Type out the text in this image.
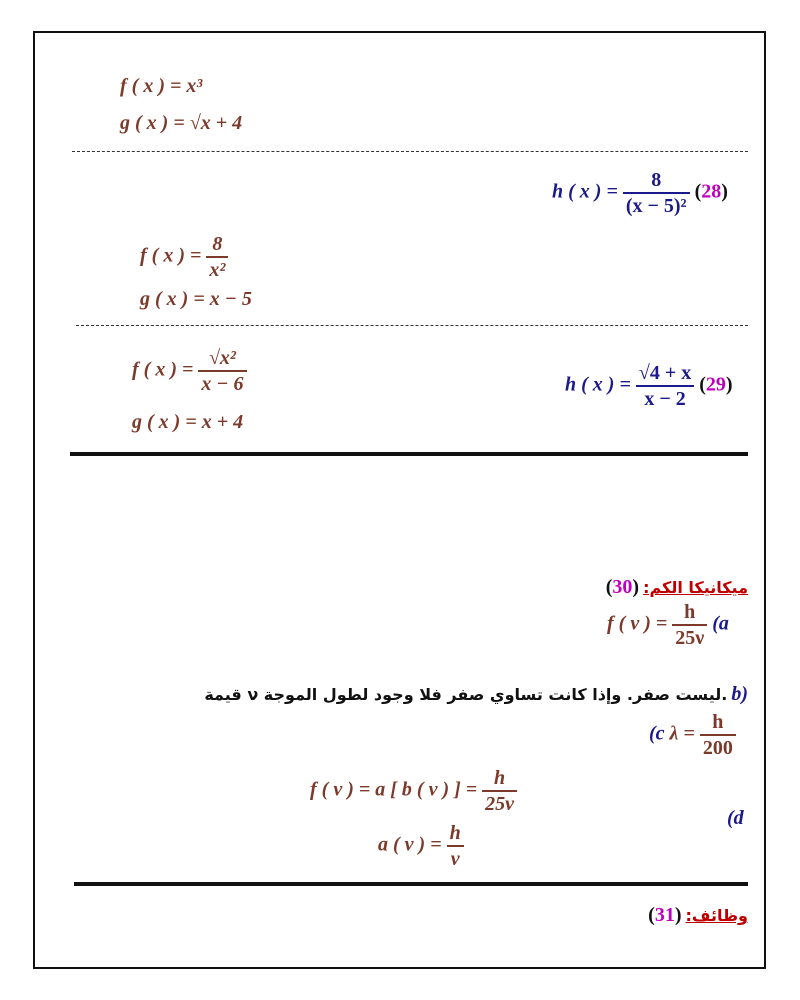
f ( x ) = x³
g ( x ) = √x + 4
h ( x ) = $\frac{8}{\text{(x − 5)²}} (28)$
f ( x ) = $\frac{8}{\text{x²}}$
g ( x ) = x − 5
f ( x ) = $\frac{\text{√x²}}{x - 6}$
g ( x ) = x + 4
h ( x ) = $\frac{√4 + x}{x - 2} (29)$
ميكانيكا الكم: (30)
f ( ν ) = $\frac{h}{25\nu} (a$
قيمة ν ليست صفر. وإذا كانت تساوي صفر فلا وجود لطول الموجة. b)
(c $\lambda = \frac{h}{200}$
f ( ν ) = a [ b ( ν ) ] = $\frac{h}{25\nu}$
(d
a ( ν ) = $\frac{h}{\nu}$
وظائف: (31)
